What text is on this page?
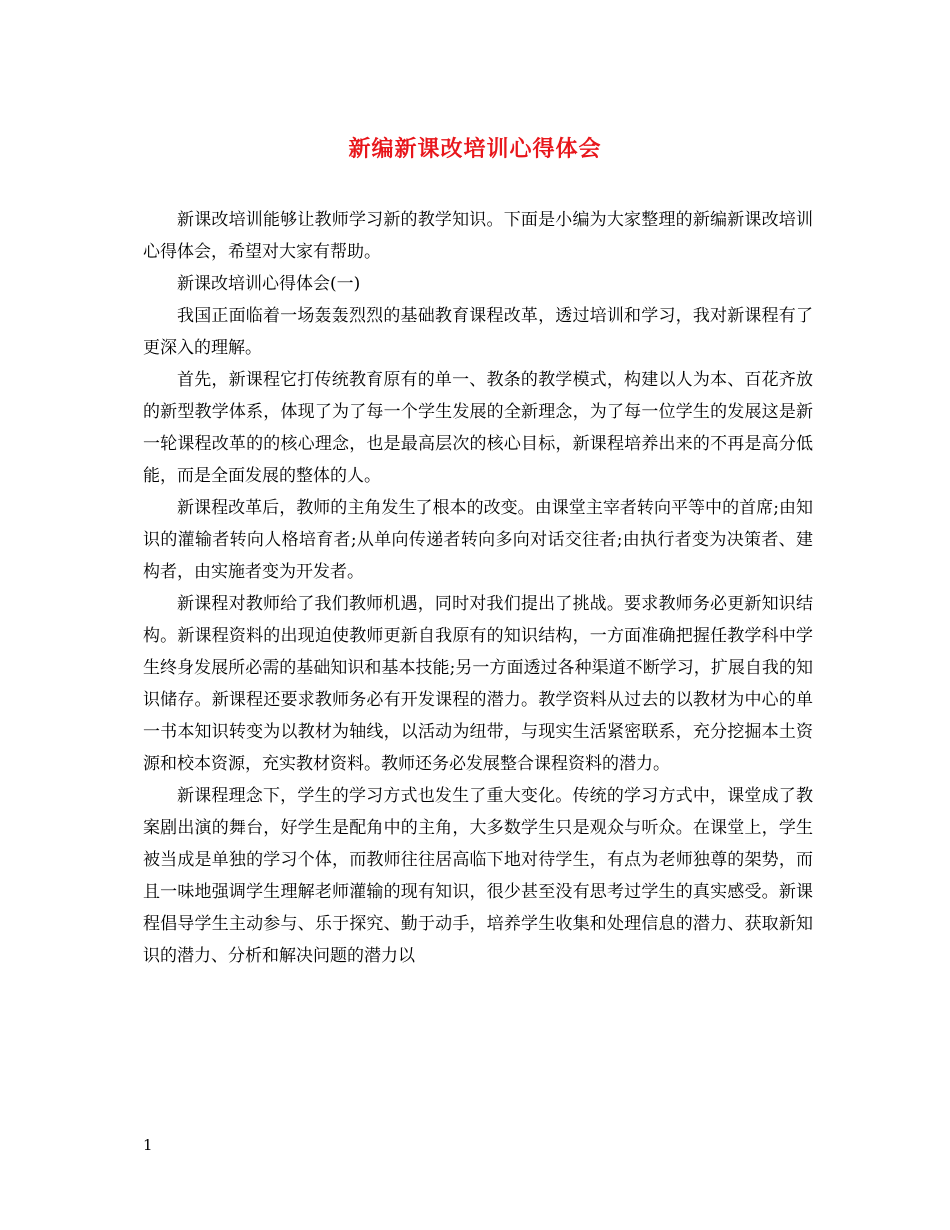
新编新课改培训心得体会

新课改培训能够让教师学习新的教学知识。下面是小编为大家整理的新编新课改培训心得体会，希望对大家有帮助。

新课改培训心得体会(一)

我国正面临着一场轰轰烈烈的基础教育课程改革，透过培训和学习，我对新课程有了更深入的理解。

首先，新课程它打传统教育原有的单一、教条的教学模式，构建以人为本、百花齐放的新型教学体系，体现了为了每一个学生发展的全新理念，为了每一位学生的发展这是新一轮课程改革的的核心理念，也是最高层次的核心目标，新课程培养出来的不再是高分低能，而是全面发展的整体的人。

新课程改革后，教师的主角发生了根本的改变。由课堂主宰者转向平等中的首席;由知识的灌输者转向人格培育者;从单向传递者转向多向对话交往者;由执行者变为决策者、建构者，由实施者变为开发者。

新课程对教师给了我们教师机遇，同时对我们提出了挑战。要求教师务必更新知识结构。新课程资料的出现迫使教师更新自我原有的知识结构，一方面准确把握任教学科中学生终身发展所必需的基础知识和基本技能;另一方面透过各种渠道不断学习，扩展自我的知识储存。新课程还要求教师务必有开发课程的潜力。教学资料从过去的以教材为中心的单一书本知识转变为以教材为轴线，以活动为纽带，与现实生活紧密联系，充分挖掘本土资源和校本资源，充实教材资料。教师还务必发展整合课程资料的潜力。

新课程理念下，学生的学习方式也发生了重大变化。传统的学习方式中，课堂成了教案剧出演的舞台，好学生是配角中的主角，大多数学生只是观众与听众。在课堂上，学生被当成是单独的学习个体，而教师往往居高临下地对待学生，有点为老师独尊的架势，而且一味地强调学生理解老师灌输的现有知识，很少甚至没有思考过学生的真实感受。新课程倡导学生主动参与、乐于探究、勤于动手，培养学生收集和处理信息的潜力、获取新知识的潜力、分析和解决问题的潜力以

1
